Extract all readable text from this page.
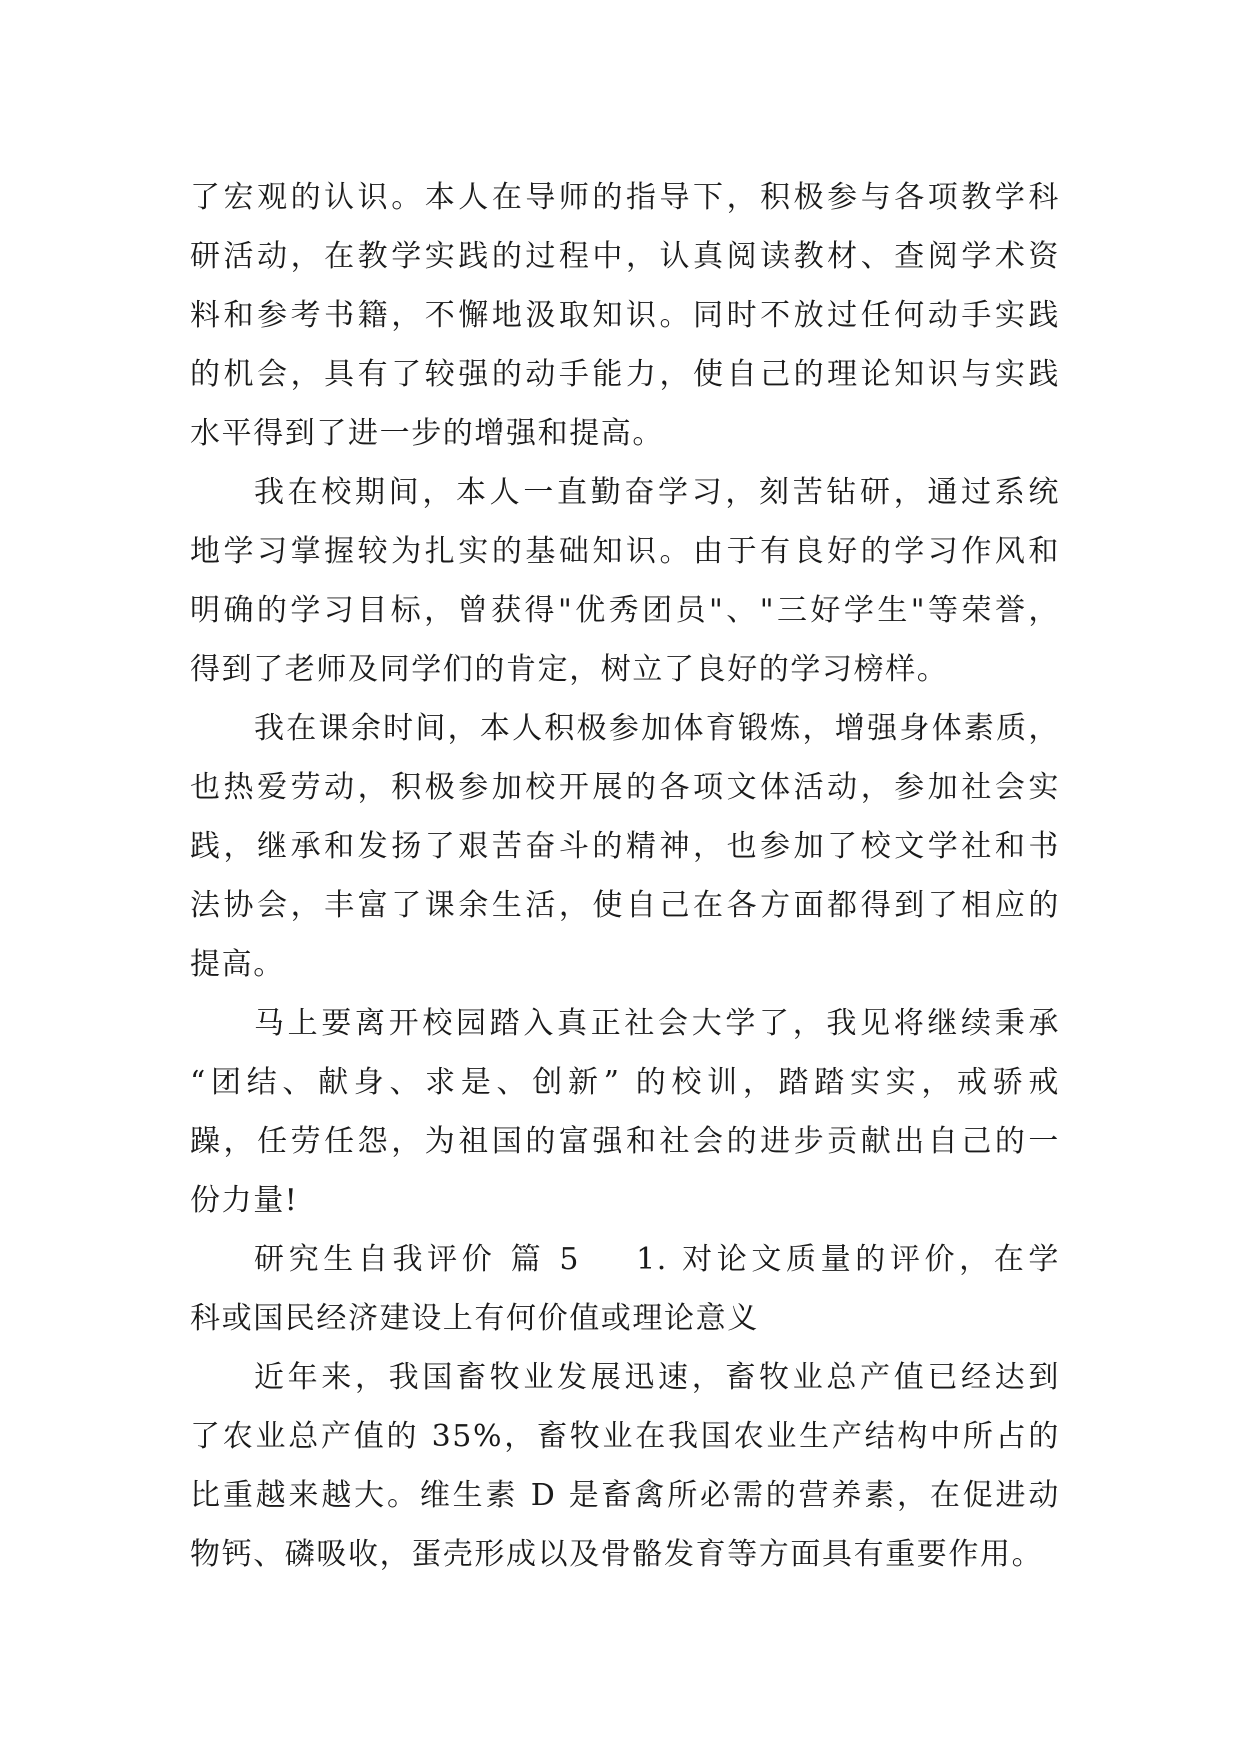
了宏观的认识。本人在导师的指导下，积极参与各项教学科
研活动，在教学实践的过程中，认真阅读教材、查阅学术资
料和参考书籍，不懈地汲取知识。同时不放过任何动手实践
的机会，具有了较强的动手能力，使自己的理论知识与实践
水平得到了进一步的增强和提高。
我在校期间，本人一直勤奋学习，刻苦钻研，通过系统
地学习掌握较为扎实的基础知识。由于有良好的学习作风和
明确的学习目标，曾获得"优秀团员"、"三好学生"等荣誉，
得到了老师及同学们的肯定，树立了良好的学习榜样。
我在课余时间，本人积极参加体育锻炼，增强身体素质，
也热爱劳动，积极参加校开展的各项文体活动，参加社会实
践，继承和发扬了艰苦奋斗的精神，也参加了校文学社和书
法协会，丰富了课余生活，使自己在各方面都得到了相应的
提高。
马上要离开校园踏入真正社会大学了，我见将继续秉承
“团结、献身、求是、创新” 的校训，踏踏实实，戒骄戒
躁，任劳任怨，为祖国的富强和社会的进步贡献出自己的一
份力量!
研究生自我评价 篇 5 1. 对论文质量的评价，在学
科或国民经济建设上有何价值或理论意义
近年来，我国畜牧业发展迅速，畜牧业总产值已经达到
了农业总产值的 35%，畜牧业在我国农业生产结构中所占的
比重越来越大。维生素 D 是畜禽所必需的营养素，在促进动
物钙、磷吸收，蛋壳形成以及骨骼发育等方面具有重要作用。
